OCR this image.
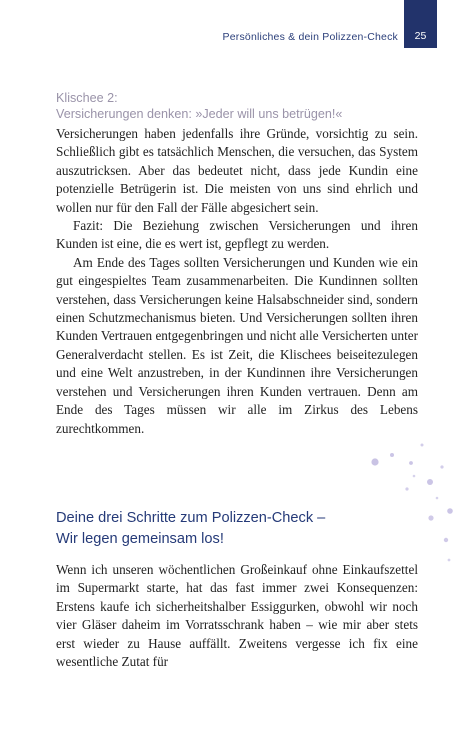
Persönliches & dein Polizzen-Check 25
Klischee 2:
Versicherungen denken: »Jeder will uns betrügen!«

Versicherungen haben jedenfalls ihre Gründe, vorsichtig zu sein. Schließlich gibt es tatsächlich Menschen, die versuchen, das System auszutricksen. Aber das bedeutet nicht, dass jede Kundin eine potenzielle Betrügerin ist. Die meisten von uns sind ehrlich und wollen nur für den Fall der Fälle abgesichert sein.

Fazit: Die Beziehung zwischen Versicherungen und ihren Kunden ist eine, die es wert ist, gepflegt zu werden.

Am Ende des Tages sollten Versicherungen und Kunden wie ein gut eingespieltes Team zusammenarbeiten. Die Kundinnen sollten verstehen, dass Versicherungen keine Halsabschneider sind, sondern einen Schutzmechanismus bieten. Und Versicherungen sollten ihren Kunden Vertrauen entgegenbringen und nicht alle Versicherten unter Generalverdacht stellen. Es ist Zeit, die Klischees beiseitezulegen und eine Welt anzustreben, in der Kundinnen ihre Versicherungen verstehen und Versicherungen ihren Kunden vertrauen. Denn am Ende des Tages müssen wir alle im Zirkus des Lebens zurechtkommen.

Deine drei Schritte zum Polizzen-Check –
Wir legen gemeinsam los!

Wenn ich unseren wöchentlichen Großeinkauf ohne Einkaufszettel im Supermarkt starte, hat das fast immer zwei Konsequenzen: Erstens kaufe ich sicherheitshalber Essiggurken, obwohl wir noch vier Gläser daheim im Vorratsschrank haben – wie mir aber stets erst wieder zu Hause auffällt. Zweitens vergesse ich fix eine wesentliche Zutat für
